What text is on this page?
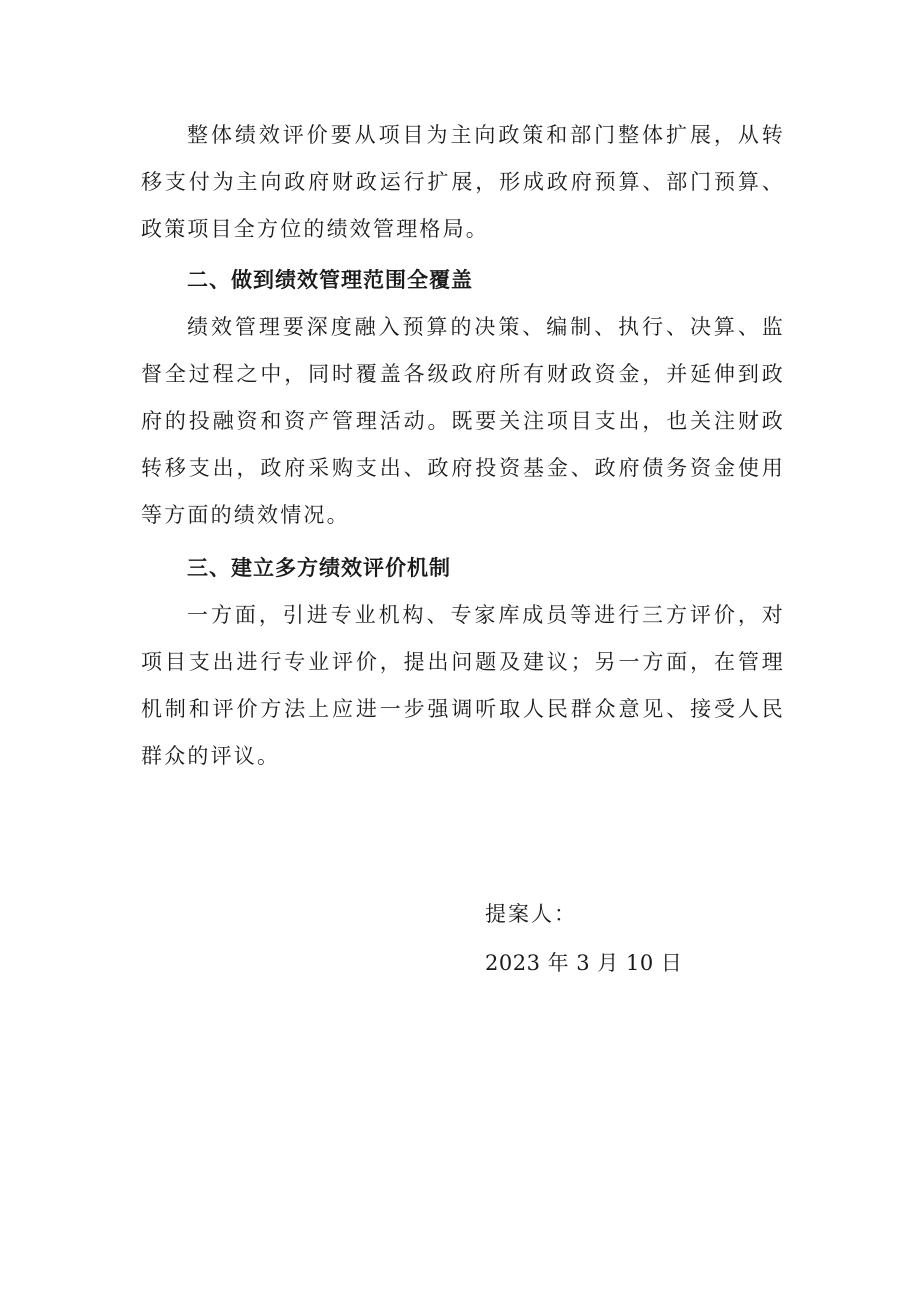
整体绩效评价要从项目为主向政策和部门整体扩展，从转移支付为主向政府财政运行扩展，形成政府预算、部门预算、政策项目全方位的绩效管理格局。

二、做到绩效管理范围全覆盖

绩效管理要深度融入预算的决策、编制、执行、决算、监督全过程之中，同时覆盖各级政府所有财政资金，并延伸到政府的投融资和资产管理活动。既要关注项目支出，也关注财政转移支出，政府采购支出、政府投资基金、政府债务资金使用等方面的绩效情况。

三、建立多方绩效评价机制

一方面，引进专业机构、专家库成员等进行三方评价，对项目支出进行专业评价，提出问题及建议；另一方面，在管理机制和评价方法上应进一步强调听取人民群众意见、接受人民群众的评议。

提案人：
2023 年 3 月 10 日
